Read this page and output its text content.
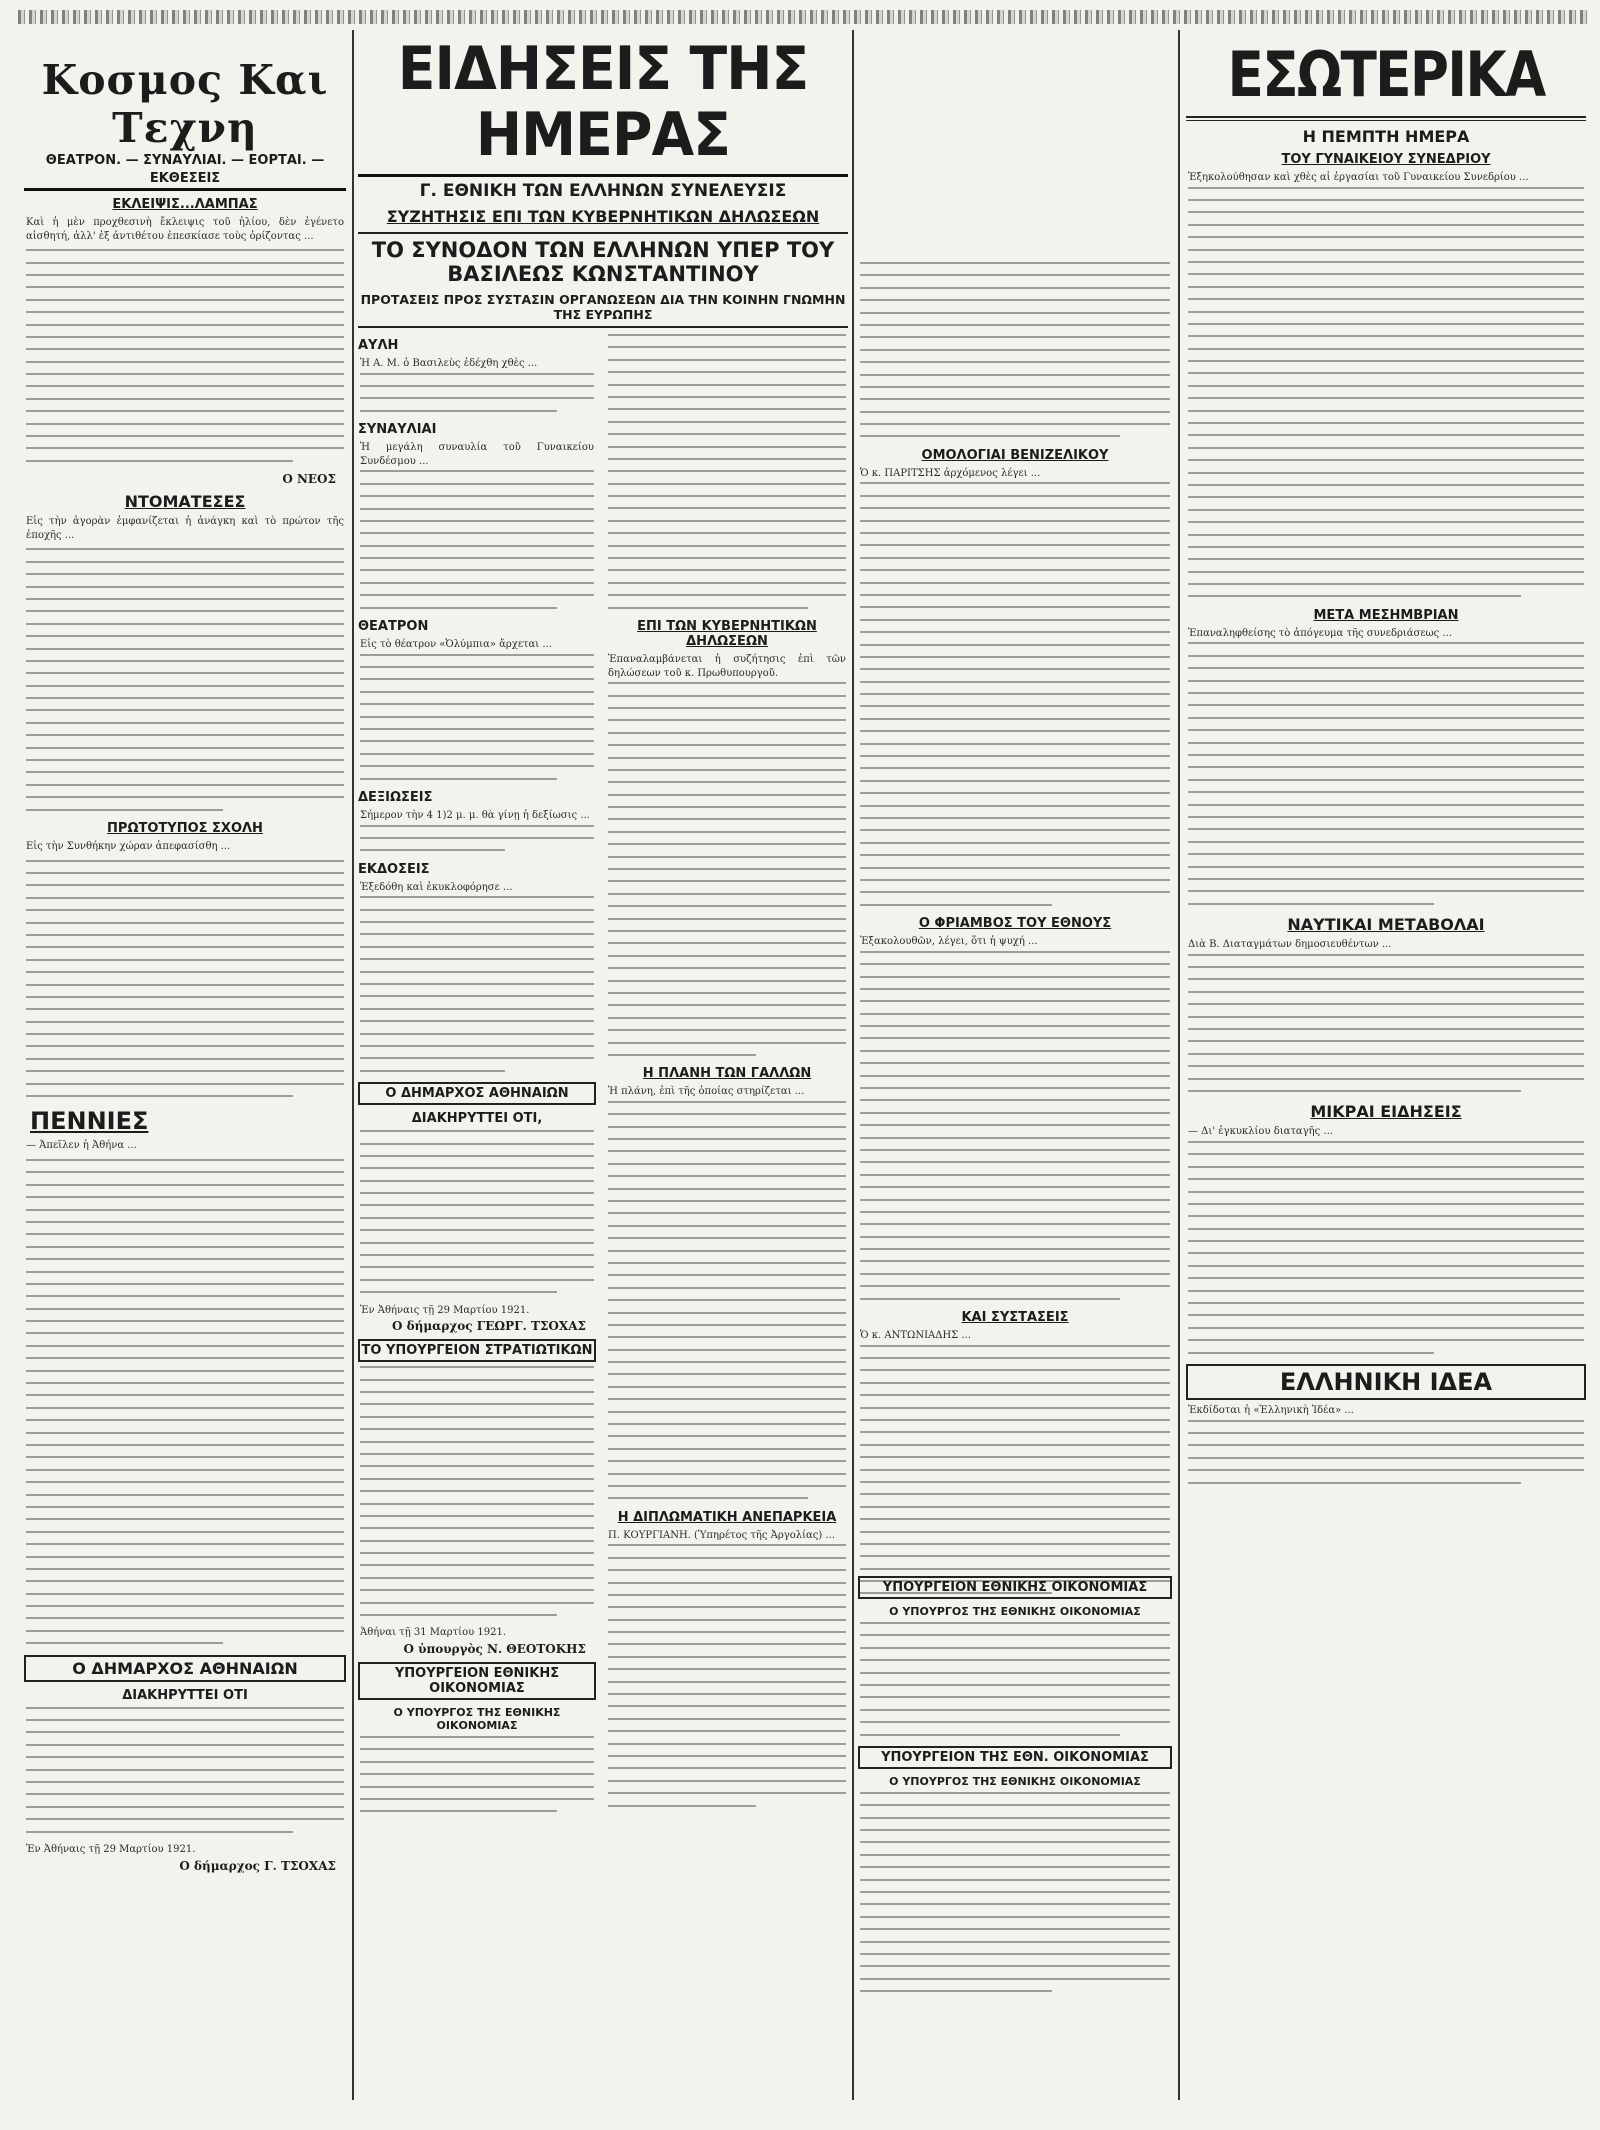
Κοσμος Και Τεχνη
ΘΕΑΤΡΟΝ. — ΣΥΝΑΥΛΙΑΙ. — ΕΟΡΤΑΙ. — ΕΚΘΕΣΕΙΣ
ΕΚΛΕΙΨΙΣ...ΛΑΜΠΑΣ

Καὶ ἡ μὲν προχθεσινὴ ἔκλειψις τοῦ ἡλίου, δὲν ἐγένετο αἰσθητή, ἀλλ' ἐξ ἀντιθέτου ἐπεσκίασε τοὺς ὁρίζοντας ...

Ο ΝΕΟΣ
ΝΤΟΜΑΤΕΣΕΣ

Εἰς τὴν ἀγορὰν ἐμφανίζεται ἡ ἀνάγκη καὶ τὸ πρώτον τῆς ἐποχῆς ...

ΠΡΩΤΟΤΥΠΟΣ ΣΧΟΛΗ

Εἰς τὴν Συνθήκην χώραν ἀπεφασίσθη ...

ΠΕΝΝΙΕΣ

— Ἀπεῖλεν ἡ Ἀθήνα ...

Ο ΔΗΜΑΡΧΟΣ ΑΘΗΝΑΙΩΝ
ΔΙΑΚΗΡΥΤΤΕΙ ΟΤΙ

Ἐν Ἀθήναις τῇ 29 Μαρτίου 1921.

Ο δήμαρχος Γ. ΤΣΟΧΑΣ
ΕΙΔΗΣΕΙΣ ΤΗΣ ΗΜΕΡΑΣ
Γ. ΕΘΝΙΚΗ ΤΩΝ ΕΛΛΗΝΩΝ ΣΥΝΕΛΕΥΣΙΣ
ΣΥΖΗΤΗΣΙΣ ΕΠΙ ΤΩΝ ΚΥΒΕΡΝΗΤΙΚΩΝ ΔΗΛΩΣΕΩΝ
ΤΟ ΣΥΝΟΔΟΝ ΤΩΝ ΕΛΛΗΝΩΝ ΥΠΕΡ ΤΟΥ ΒΑΣΙΛΕΩΣ ΚΩΝΣΤΑΝΤΙΝΟΥ
ΠΡΟΤΑΣΕΙΣ ΠΡΟΣ ΣΥΣΤΑΣΙΝ ΟΡΓΑΝΩΣΕΩΝ ΔΙΑ ΤΗΝ ΚΟΙΝΗΝ ΓΝΩΜΗΝ ΤΗΣ ΕΥΡΩΠΗΣ
ΑΥΛΗ

Ἡ Α. Μ. ὁ Βασιλεὺς ἐδέχθη χθὲς ...

ΣΥΝΑΥΛΙΑΙ

Ἡ μεγάλη συναυλία τοῦ Γυναικείου Συνδέσμου ...

ΘΕΑΤΡΟΝ

Εἰς τὸ θέατρον «Ὀλύμπια» ἄρχεται ...

ΔΕΞΙΩΣΕΙΣ

Σήμερον τὴν 4 1)2 μ. μ. θὰ γίνῃ ἡ δεξίωσις ...

ΕΚΔΟΣΕΙΣ

Ἐξεδόθη καὶ ἐκυκλοφόρησε ...

Ο ΔΗΜΑΡΧΟΣ ΑΘΗΝΑΙΩΝ
ΔΙΑΚΗΡΥΤΤΕΙ ΟΤΙ,

Ἐν Ἀθήναις τῇ 29 Μαρτίου 1921.

Ο δήμαρχος ΓΕΩΡΓ. ΤΣΟΧΑΣ
ΤΟ ΥΠΟΥΡΓΕΙΟΝ ΣΤΡΑΤΙΩΤΙΚΩΝ

Ἀθήναι τῇ 31 Μαρτίου 1921.

Ο ὑπουργὸς Ν. ΘΕΟΤΟΚΗΣ
ΥΠΟΥΡΓΕΙΟΝ ΕΘΝΙΚΗΣ ΟΙΚΟΝΟΜΙΑΣ
Ο ΥΠΟΥΡΓΟΣ ΤΗΣ ΕΘΝΙΚΗΣ ΟΙΚΟΝΟΜΙΑΣ
ΕΠΙ ΤΩΝ ΚΥΒΕΡΝΗΤΙΚΩΝ ΔΗΛΩΣΕΩΝ

Ἐπαναλαμβάνεται ἡ συζήτησις ἐπὶ τῶν δηλώσεων τοῦ κ. Πρωθυπουργοῦ.

Η ΠΛΑΝΗ ΤΩΝ ΓΑΛΛΩΝ

Ἡ πλάνη, ἐπὶ τῆς ὁποίας στηρίζεται ...

Η ΔΙΠΛΩΜΑΤΙΚΗ ΑΝΕΠΑΡΚΕΙΑ

Π. ΚΟΥΡΓΙΑΝΗ. (Ὑπηρέτος τῆς Ἀργολίας) ...

ΟΜΟΛΟΓΙΑΙ ΒΕΝΙΖΕΛΙΚΟΥ

Ὁ κ. ΠΑΡΙΤΣΗΣ ἀρχόμενος λέγει ...

Ο ΦΡΙΑΜΒΟΣ ΤΟΥ ΕΘΝΟΥΣ

Ἐξακολουθῶν, λέγει, ὅτι ἡ ψυχή ...

ΚΑΙ ΣΥΣΤΑΣΕΙΣ

Ὁ κ. ΑΝΤΩΝΙΑΔΗΣ ...

ΥΠΟΥΡΓΕΙΟΝ ΕΘΝΙΚΗΣ ΟΙΚΟΝΟΜΙΑΣ
Ο ΥΠΟΥΡΓΟΣ ΤΗΣ ΕΘΝΙΚΗΣ ΟΙΚΟΝΟΜΙΑΣ
ΥΠΟΥΡΓΕΙΟΝ ΤΗΣ ΕΘΝ. ΟΙΚΟΝΟΜΙΑΣ
Ο ΥΠΟΥΡΓΟΣ ΤΗΣ ΕΘΝΙΚΗΣ ΟΙΚΟΝΟΜΙΑΣ
ΕΣΩΤΕΡΙΚΑ
Η ΠΕΜΠΤΗ ΗΜΕΡΑ
ΤΟΥ ΓΥΝΑΙΚΕΙΟΥ ΣΥΝΕΔΡΙΟΥ

Ἐξηκολούθησαν καὶ χθὲς αἱ ἐργασίαι τοῦ Γυναικείου Συνεδρίου ...

ΜΕΤΑ ΜΕΣΗΜΒΡΙΑΝ

Ἐπαναληφθείσης τὸ ἀπόγευμα τῆς συνεδριάσεως ...

ΝΑΥΤΙΚΑΙ ΜΕΤΑΒΟΛΑΙ

Διὰ Β. Διαταγμάτων δημοσιευθέντων ...

ΜΙΚΡΑΙ ΕΙΔΗΣΕΙΣ

— Δι' ἐγκυκλίου διαταγῆς ...

ΕΛΛΗΝΙΚΗ ΙΔΕΑ

Ἐκδίδοται ἡ «Ἑλληνικὴ Ἰδέα» ...
